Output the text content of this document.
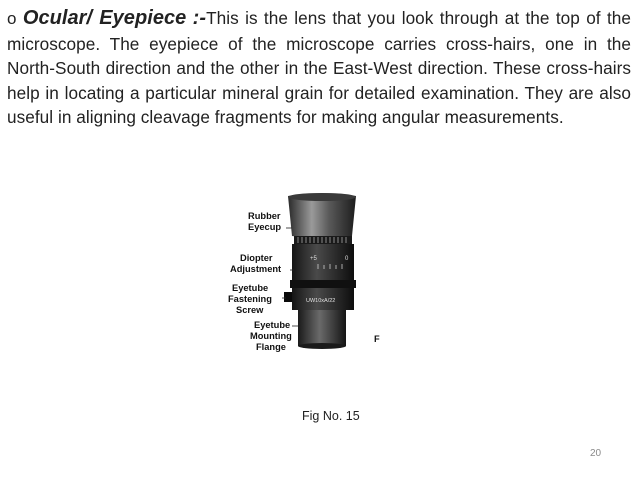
o Ocular/ Eyepiece :-This is the lens that you look through at the top of the microscope. The eyepiece of the microscope carries cross-hairs, one in the North-South direction and the other in the East-West direction. These cross-hairs help in locating a particular mineral grain for detailed examination. They are also useful in aligning cleavage fragments for making angular measurements.

+5	0
UW10xA/22
Rubber
Eyecup
Diopter
Adjustment
Eyetube
Fastening
Screw
Eyetube
Mounting
Flange
F

Fig No. 15

20
